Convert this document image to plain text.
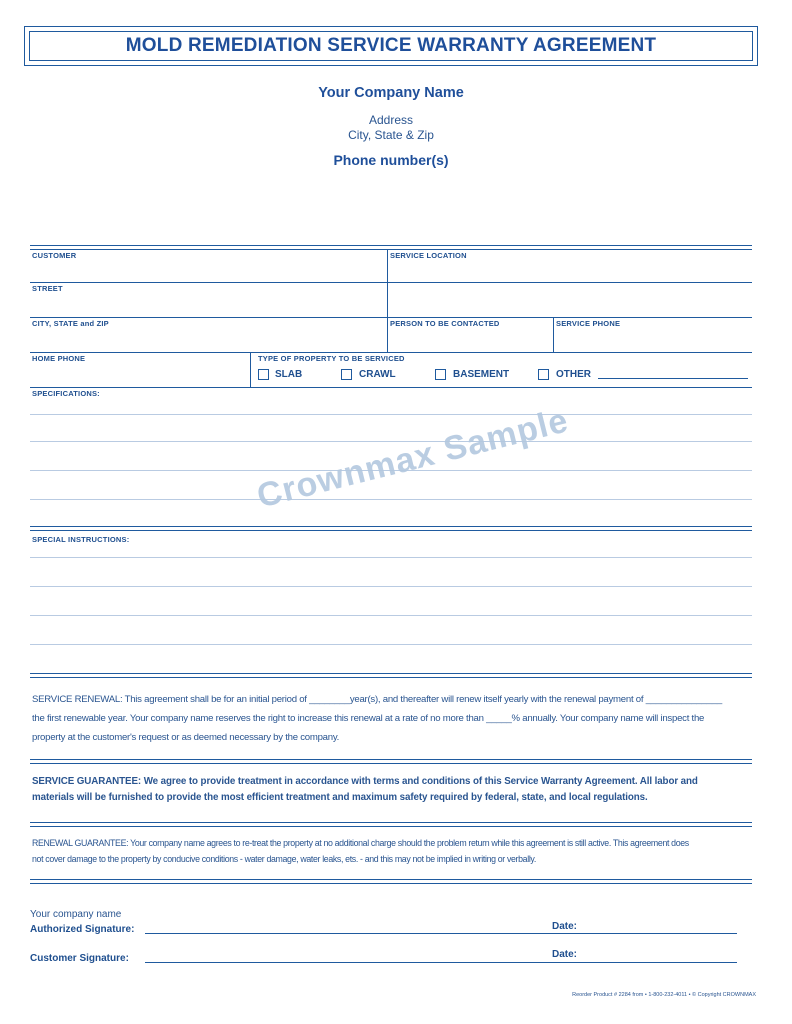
MOLD REMEDIATION SERVICE WARRANTY AGREEMENT
Your Company Name
Address
City, State & Zip
Phone number(s)
CUSTOMER	SERVICE LOCATION
STREET
CITY, STATE and ZIP	PERSON TO BE CONTACTED	SERVICE PHONE
HOME PHONE	TYPE OF PROPERTY TO BE SERVICED
SLAB	CRAWL	BASEMENT	OTHER
SPECIFICATIONS:
SPECIAL INSTRUCTIONS:
Crownmax Sample
SERVICE RENEWAL: This agreement shall be for an initial period of ________year(s), and thereafter will renew itself yearly with the renewal payment of _______________
the first renewable year. Your company name reserves the right to increase this renewal at a rate of no more than _____% annually. Your company name will inspect the
property at the customer's request or as deemed necessary by the company.
SERVICE GUARANTEE: We agree to provide treatment in accordance with terms and conditions of this Service Warranty Agreement. All labor and
materials will be furnished to provide the most efficient treatment and maximum safety required by federal, state, and local regulations.
RENEWAL GUARANTEE: Your company name agrees to re-treat the property at no additional charge should the problem return while this agreement is still active. This agreement does
not cover damage to the property by conducive conditions - water damage, water leaks, ets. - and this may not be implied in writing or verbally.
Your company name
Authorized Signature:	Date:
Customer Signature:	Date:
Reorder Product # 2284 from • 1-800-232-4011 • © Copyright CROWNMAX
